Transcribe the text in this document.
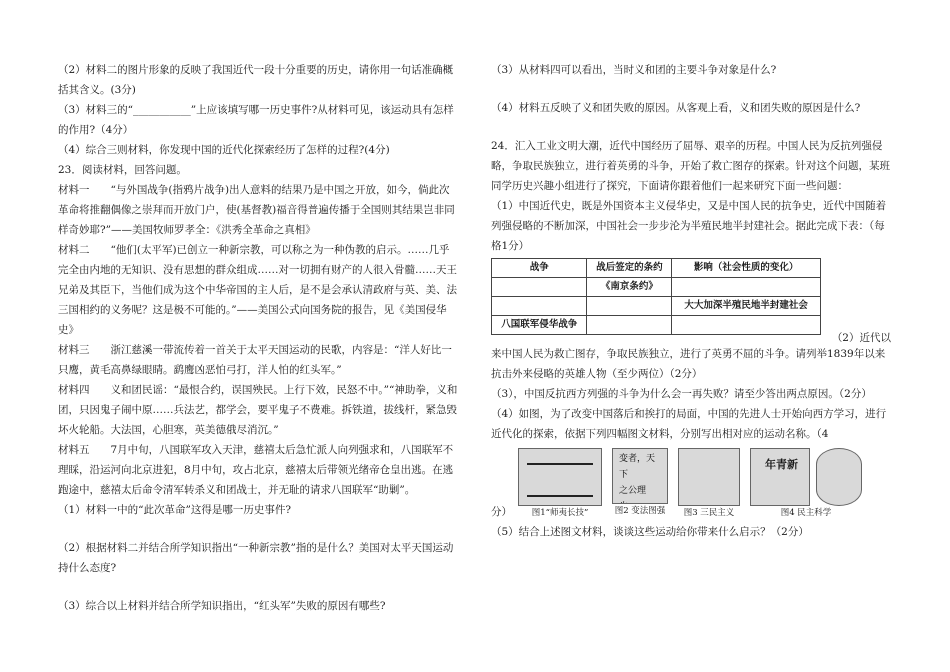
（2）材料二的图片形象的反映了我国近代一段十分重要的历史，请你用一句话准确概括其含义。(3分)

（3）材料三的“___________”上应该填写哪一历史事件?从材料可见，该运动具有怎样的作用?（4分）

（4）综合三则材料，你发现中国的近代化探索经历了怎样的过程?(4分)

23．阅读材料，回答问题。

材料一　　“与外国战争(指鸦片战争)出人意料的结果乃是中国之开放，如今，倘此次革命将推翻偶像之崇拜而开放门户，使(基督教)福音得普遍传播于全国则其结果岂非同样奇妙耶?”——美国牧师罗孝全：《洪秀全革命之真相》

材料二　　“他们(太平军)已创立一种新宗教，可以称之为一种伪教的启示。……几乎完全由内地的无知识、没有思想的群众组成……对一切拥有财产的人很入骨髓……天王兄弟及其臣下，当他们成为这个中华帝国的主人后，是不是会承认清政府与英、美、法三国相约的义务呢？这是极不可能的。”——美国公式向国务院的报告，见《美国侵华史》

材料三　　浙江慈溪一带流传着一首关于太平天国运动的民歌，内容是：“洋人好比一只鹰，黄毛高鼻绿眼睛。鹞鹰凶恶怕弓打，洋人怕的红头军。”

材料四　　义和团民谣：“最恨合约，误国殃民。上行下效，民怒不中。”“神助拳，义和团，只因鬼子闹中原……兵法艺，都学会，要平鬼子不费难。拆铁道，拔线杆，紧急毁坏火轮船。大法国，心胆寒，英美德俄尽消沉。”

材料五　　7月中旬，八国联军攻入天津，慈禧太后急忙派人向列强求和，八国联军不理睬，沿运河向北京进犯，8月中旬，攻占北京，慈禧太后带领光绪帝仓皇出逃。在逃跑途中，慈禧太后命令清军转杀义和团战士，并无耻的请求八国联军“助剿”。

（1）材料一中的“此次革命”这得是哪一历史事件?

（2）根据材料二并结合所学知识指出“一种新宗教”指的是什么？美国对太平天国运动持什么态度?

（3）综合以上材料并结合所学知识指出，“红头军”失败的原因有哪些?

（3）从材料四可以看出，当时义和团的主要斗争对象是什么?

（4）材料五反映了义和团失败的原因。从客观上看，义和团失败的原因是什么?

24．汇入工业文明大潮，近代中国经历了屈辱、艰辛的历程。中国人民为反抗列强侵略，争取民族独立，进行着英勇的斗争，开始了救亡图存的探索。针对这个问题，某班同学历史兴趣小组进行了探究，下面请你跟着他们一起来研究下面一些问题：

（1）中国近代史，既是外国资本主义侵华史，又是中国人民的抗争史，近代中国随着列强侵略的不断加深，中国社会一步步沦为半殖民地半封建社会。据此完成下表：（每格1分）

战争	战后签定的条约	影响（社会性质的变化）
	《南京条约》	
		大大加深半殖民地半封建社会
八国联军侵华战争		
（2）近代以

来中国人民为救亡图存，争取民族独立，进行了英勇不屈的斗争。请列举1839年以来抗击外来侵略的英雄人物（至少两位）（2分）

（3），中国反抗西方列强的斗争为什么会一再失败？请至少答出两点原因。（2分）

（4）如图，为了改变中国落后和挨打的局面，中国的先进人士开始向西方学习，进行近代化的探索，依据下列四幅图文材料，分别写出相对应的运动名称。（4

分） 图1“师夷长技”
变者，天下
之公理
图2 变法图强 图3 三民主义
年青新
图4 民主科学

（5）结合上述图文材料，谈谈这些运动给你带来什么启示？（2分）
